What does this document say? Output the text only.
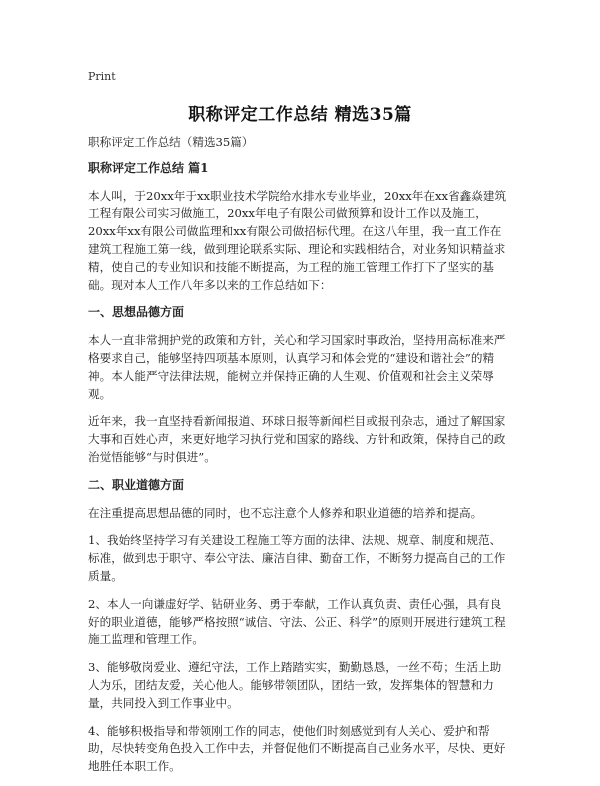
Print
职称评定工作总结 精选35篇

职称评定工作总结（精选35篇）

职称评定工作总结 篇1

本人叫，于20xx年于xx职业技术学院给水排水专业毕业，20xx年在xx省鑫焱建筑工程有限公司实习做施工，20xx年电子有限公司做预算和设计工作以及施工，20xx年xx有限公司做监理和xx有限公司做招标代理。在这八年里，我一直工作在建筑工程施工第一线，做到理论联系实际、理论和实践相结合，对业务知识精益求精，使自己的专业知识和技能不断提高，为工程的施工管理工作打下了坚实的基础。现对本人工作八年多以来的工作总结如下：

一、思想品德方面

本人一直非常拥护党的政策和方针，关心和学习国家时事政治，坚持用高标准来严格要求自己，能够坚持四项基本原则，认真学习和体会党的“建设和谐社会”的精神。本人能严守法律法规，能树立并保持正确的人生观、价值观和社会主义荣辱观。

近年来，我一直坚持看新闻报道、环球日报等新闻栏目或报刊杂志，通过了解国家大事和百姓心声，来更好地学习执行党和国家的路线、方针和政策，保持自己的政治觉悟能够“与时俱进”。

二、职业道德方面

在注重提高思想品德的同时，也不忘注意个人修养和职业道德的培养和提高。

1、我始终坚持学习有关建设工程施工等方面的法律、法规、规章、制度和规范、标准，做到忠于职守、奉公守法、廉洁自律、勤奋工作，不断努力提高自己的工作质量。

2、本人一向谦虚好学、钻研业务、勇于奉献，工作认真负责、责任心强，具有良好的职业道德，能够严格按照“诚信、守法、公正、科学”的原则开展进行建筑工程施工监理和管理工作。

3、能够敬岗爱业、遵纪守法，工作上踏踏实实，勤勤恳恳，一丝不苟；生活上助人为乐，团结友爱，关心他人。能够带领团队，团结一致，发挥集体的智慧和力量，共同投入到工作事业中。

4、能够积极指导和带领刚工作的同志，使他们时刻感觉到有人关心、爱护和帮助，尽快转变角色投入工作中去，并督促他们不断提高自己业务水平，尽快、更好地胜任本职工作。
